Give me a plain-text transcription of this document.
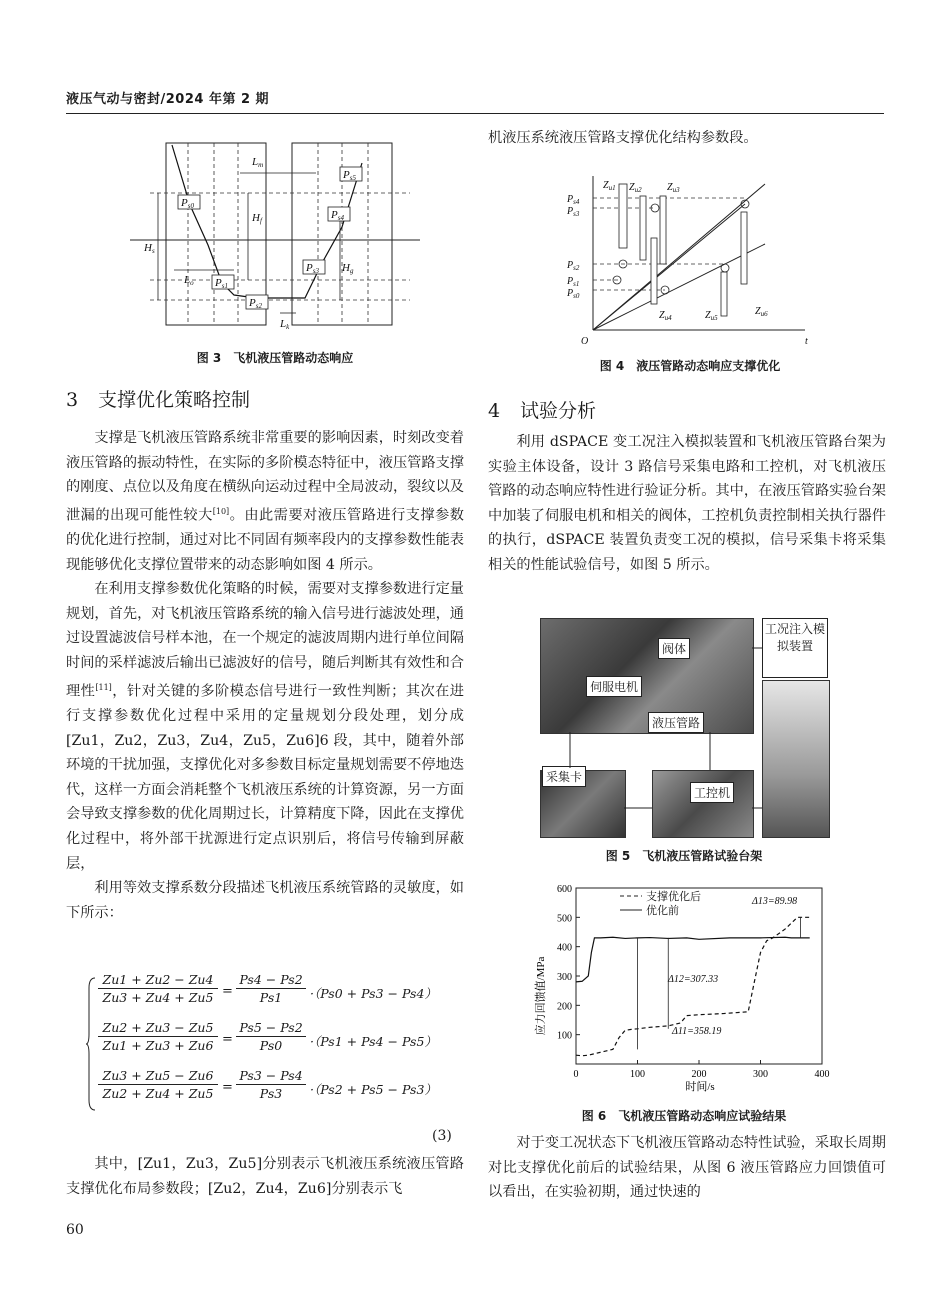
液压气动与密封/2024 年第 2 期
Ps0
Ps1
Ps2
Ps3
Ps4
Ps5
Lm
Hf
Hs
Lo
Hg
Lk
图 3　飞机液压管路动态响应
3 支撑优化策略控制

支撑是飞机液压管路系统非常重要的影响因素，时刻改变着液压管路的振动特性，在实际的多阶模态特征中，液压管路支撑的刚度、点位以及角度在横纵向运动过程中全局波动，裂纹以及泄漏的出现可能性较大[10]。由此需要对液压管路进行支撑参数的优化进行控制，通过对比不同固有频率段内的支撑参数性能表现能够优化支撑位置带来的动态影响如图 4 所示。

在利用支撑参数优化策略的时候，需要对支撑参数进行定量规划，首先，对飞机液压管路系统的输入信号进行滤波处理，通过设置滤波信号样本池，在一个规定的滤波周期内进行单位间隔时间的采样滤波后输出已滤波好的信号，随后判断其有效性和合理性[11]，针对关键的多阶模态信号进行一致性判断；其次在进行支撑参数优化过程中采用的定量规划分段处理，划分成[Zu1，Zu2，Zu3，Zu4，Zu5，Zu6]6 段，其中，随着外部环境的干扰加强，支撑优化对多参数目标定量规划需要不停地迭代，这样一方面会消耗整个飞机液压系统的计算资源，另一方面会导致支撑参数的优化周期过长，计算精度下降，因此在支撑优化过程中，将外部干扰源进行定点识别后，将信号传输到屏蔽层，

利用等效支撑系数分段描述飞机液压系统管路的灵敏度，如下所示：

Zu1 + Zu2 − Zu4
Zu3 + Zu4 + Zu5 =
Ps4 − Ps2
Ps1	·（Ps0 + Ps3 − Ps4）
Zu2 + Zu3 − Zu5
Zu1 + Zu3 + Zu6 =
Ps5 − Ps2
Ps0	·（Ps1 + Ps4 − Ps5）
Zu3 + Zu5 − Zu6
Zu2 + Zu4 + Zu5 =
Ps3 − Ps4
Ps3	·（Ps2 + Ps5 − Ps3）
(3)

其中，[Zu1，Zu3，Zu5]分别表示飞机液压系统液压管路支撑优化布局参数段；[Zu2，Zu4，Zu6]分别表示飞

60

机液压系统液压管路支撑优化结构参数段。

$P_{s4}$
$P_{s3}$
$P_{s2}$
$P_{s1}$
$P_{s0}$
$Z_{u1}$ $Z_{u2}$	$Z_{u3}$
$Z_{u4}$	$Z_{u5}$
$Z_{u6}$
O	t
图 4　液压管路动态响应支撑优化
4 试验分析

利用 dSPACE 变工况注入模拟装置和飞机液压管路台架为实验主体设备，设计 3 路信号采集电路和工控机，对飞机液压管路的动态响应特性进行验证分析。其中，在液压管路实验台架中加装了伺服电机和相关的阀体，工控机负责控制相关执行器件的执行，dSPACE 装置负责变工况的模拟，信号采集卡将采集相关的性能试验信号，如图 5 所示。

工况注入模拟装置
阀体
伺服电机
液压管路
采集卡
工控机
图 5　飞机液压管路试验台架
0	100	200	300	400
100
200
300
400
500
600
应力回馈值/MPa
时间/s
支撑优化后
优化前
Δ11=358.19
Δ12=307.33
Δ13=89.98
图 6　飞机液压管路动态响应试验结果

对于变工况状态下飞机液压管路动态特性试验，采取长周期对比支撑优化前后的试验结果，从图 6 液压管路应力回馈值可以看出，在实验初期，通过快速的
